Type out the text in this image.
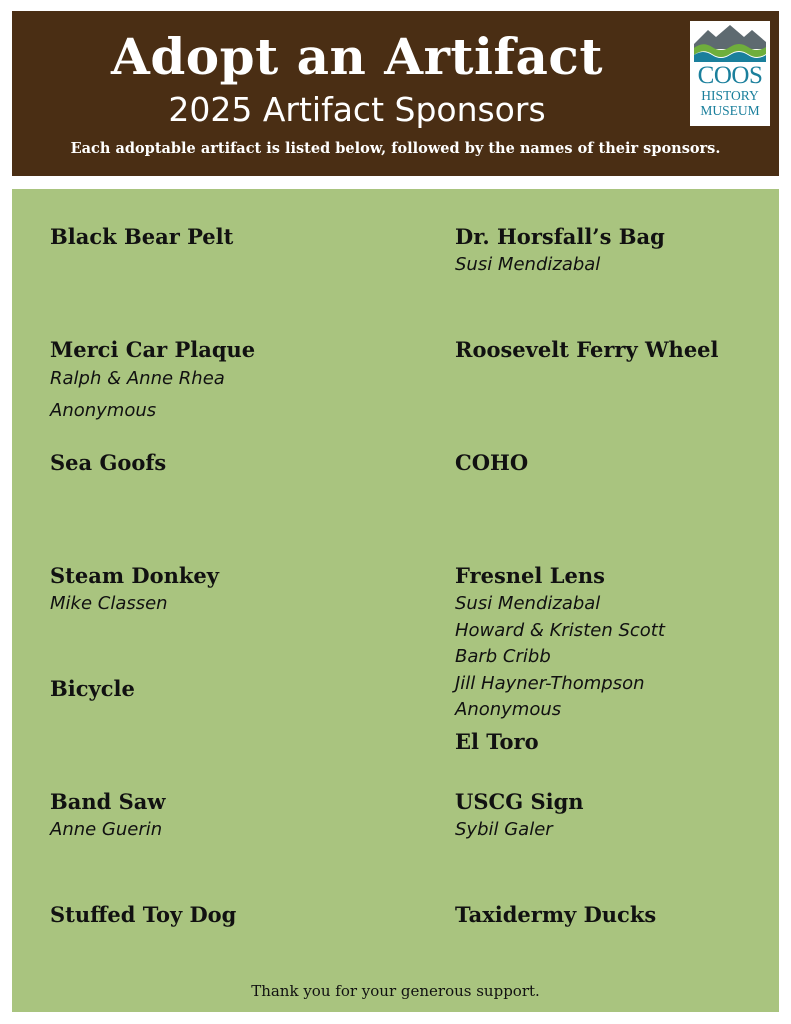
Adopt an Artifact
2025 Artifact Sponsors
Each adoptable artifact is listed below, followed by the names of their sponsors.
COOS
HISTORY
MUSEUM
Black Bear Pelt
Merci Car Plaque
Ralph & Anne Rhea
Anonymous
Sea Goofs
Steam Donkey
Mike Classen
Bicycle
Band Saw
Anne Guerin
Stuffed Toy Dog
Dr. Horsfall’s Bag
Susi Mendizabal
Roosevelt Ferry Wheel
COHO
Fresnel Lens
Susi Mendizabal
Howard & Kristen Scott
Barb Cribb
Jill Hayner-Thompson
Anonymous
El Toro
USCG Sign
Sybil Galer
Taxidermy Ducks
Thank you for your generous support.
